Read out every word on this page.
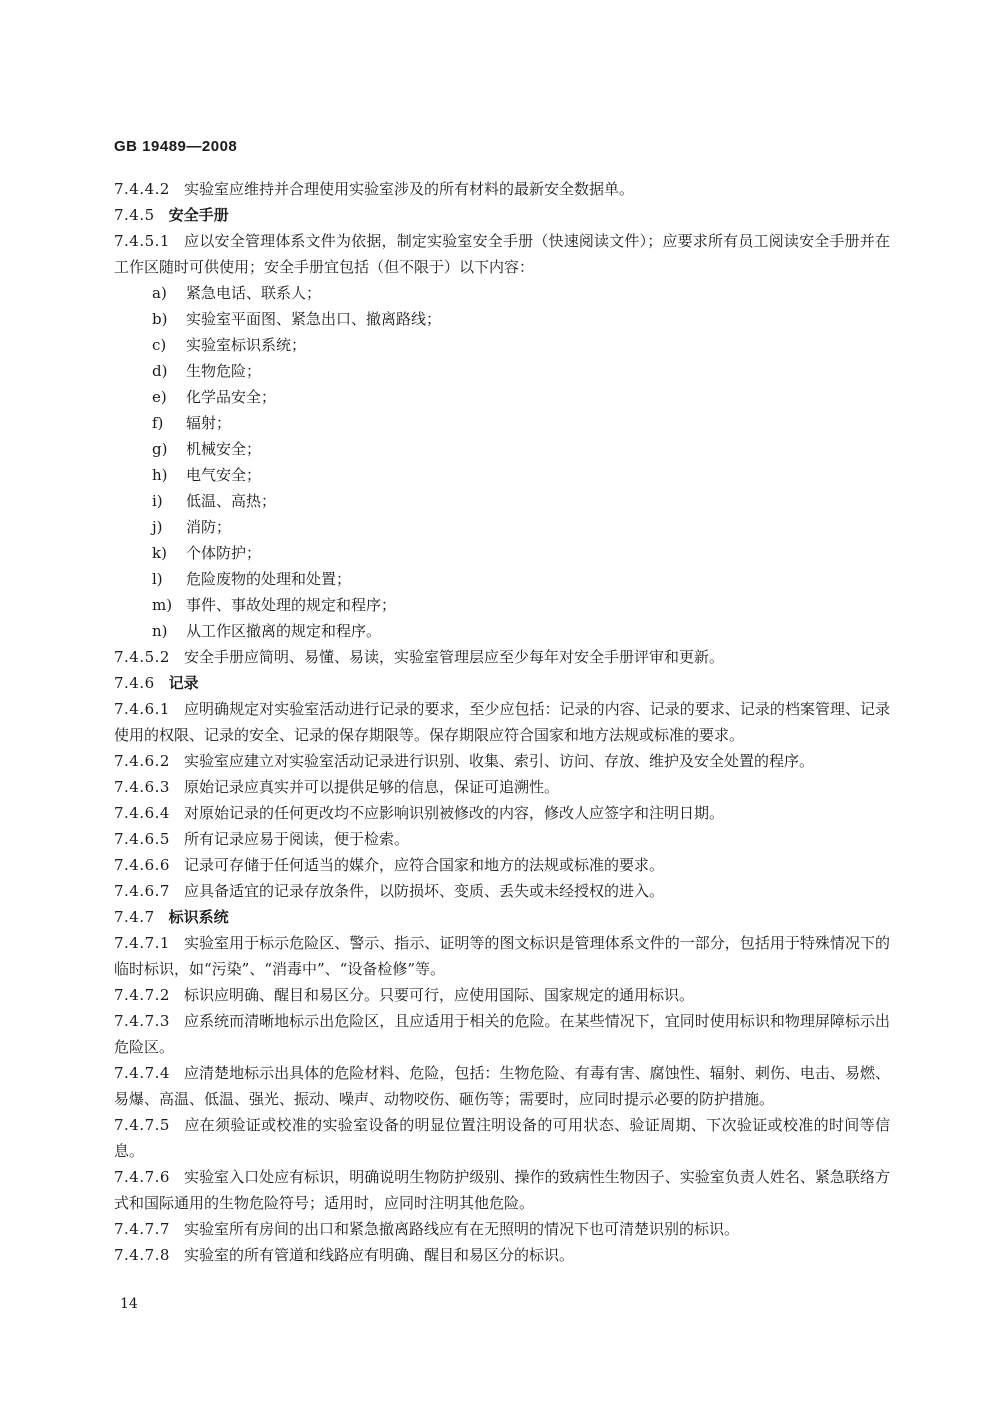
GB 19489—2008

7.4.4.2 实验室应维持并合理使用实验室涉及的所有材料的最新安全数据单。

7.4.5 安全手册

7.4.5.1 应以安全管理体系文件为依据，制定实验室安全手册（快速阅读文件）；应要求所有员工阅读安全手册并在工作区随时可供使用；安全手册宜包括（但不限于）以下内容：

a) 紧急电话、联系人；

b) 实验室平面图、紧急出口、撤离路线；

c) 实验室标识系统；

d) 生物危险；

e) 化学品安全；

f) 辐射；

g) 机械安全；

h) 电气安全；

i) 低温、高热；

j) 消防；

k) 个体防护；

l) 危险废物的处理和处置；

m) 事件、事故处理的规定和程序；

n) 从工作区撤离的规定和程序。

7.4.5.2 安全手册应简明、易懂、易读，实验室管理层应至少每年对安全手册评审和更新。

7.4.6 记录

7.4.6.1 应明确规定对实验室活动进行记录的要求，至少应包括：记录的内容、记录的要求、记录的档案管理、记录使用的权限、记录的安全、记录的保存期限等。保存期限应符合国家和地方法规或标准的要求。

7.4.6.2 实验室应建立对实验室活动记录进行识别、收集、索引、访问、存放、维护及安全处置的程序。

7.4.6.3 原始记录应真实并可以提供足够的信息，保证可追溯性。

7.4.6.4 对原始记录的任何更改均不应影响识别被修改的内容，修改人应签字和注明日期。

7.4.6.5 所有记录应易于阅读，便于检索。

7.4.6.6 记录可存储于任何适当的媒介，应符合国家和地方的法规或标准的要求。

7.4.6.7 应具备适宜的记录存放条件，以防损坏、变质、丢失或未经授权的进入。

7.4.7 标识系统

7.4.7.1 实验室用于标示危险区、警示、指示、证明等的图文标识是管理体系文件的一部分，包括用于特殊情况下的临时标识，如“污染”、“消毒中”、“设备检修”等。

7.4.7.2 标识应明确、醒目和易区分。只要可行，应使用国际、国家规定的通用标识。

7.4.7.3 应系统而清晰地标示出危险区，且应适用于相关的危险。在某些情况下，宜同时使用标识和物理屏障标示出危险区。

7.4.7.4 应清楚地标示出具体的危险材料、危险，包括：生物危险、有毒有害、腐蚀性、辐射、刺伤、电击、易燃、易爆、高温、低温、强光、振动、噪声、动物咬伤、砸伤等；需要时，应同时提示必要的防护措施。

7.4.7.5 应在须验证或校准的实验室设备的明显位置注明设备的可用状态、验证周期、下次验证或校准的时间等信息。

7.4.7.6 实验室入口处应有标识，明确说明生物防护级别、操作的致病性生物因子、实验室负责人姓名、紧急联络方式和国际通用的生物危险符号；适用时，应同时注明其他危险。

7.4.7.7 实验室所有房间的出口和紧急撤离路线应有在无照明的情况下也可清楚识别的标识。

7.4.7.8 实验室的所有管道和线路应有明确、醒目和易区分的标识。

14
